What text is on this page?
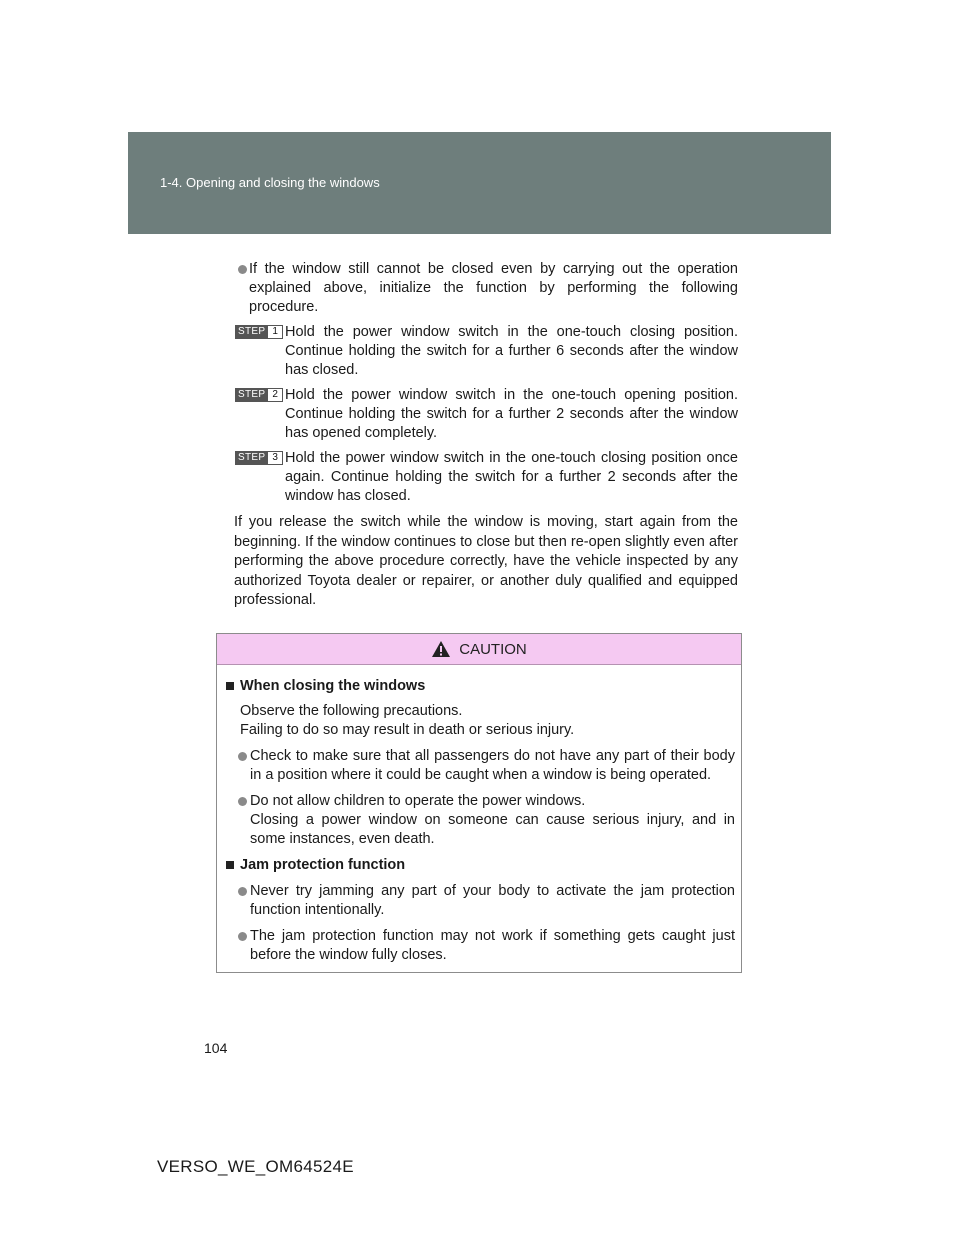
1-4. Opening and closing the windows

If the window still cannot be closed even by carrying out the operation explained above, initialize the function by performing the following procedure.

STEP 1 Hold the power window switch in the one-touch closing position. Continue holding the switch for a further 6 seconds after the window has closed.
STEP 2 Hold the power window switch in the one-touch opening position. Continue holding the switch for a further 2 seconds after the window has opened completely.
STEP 3 Hold the power window switch in the one-touch closing position once again. Continue holding the switch for a further 2 seconds after the window has closed.
If you release the switch while the window is moving, start again from the beginning. If the window continues to close but then re-open slightly even after performing the above procedure correctly, have the vehicle inspected by any authorized Toyota dealer or repairer, or another duly qualified and equipped professional.
CAUTION
When closing the windows
Observe the following precautions.
Failing to do so may result in death or serious injury.
Check to make sure that all passengers do not have any part of their body in a position where it could be caught when a window is being operated.
Do not allow children to operate the power windows.
Closing a power window on someone can cause serious injury, and in some instances, even death.
Jam protection function
Never try jamming any part of your body to activate the jam protection function intentionally.
The jam protection function may not work if something gets caught just before the window fully closes.
104
VERSO_WE_OM64524E
